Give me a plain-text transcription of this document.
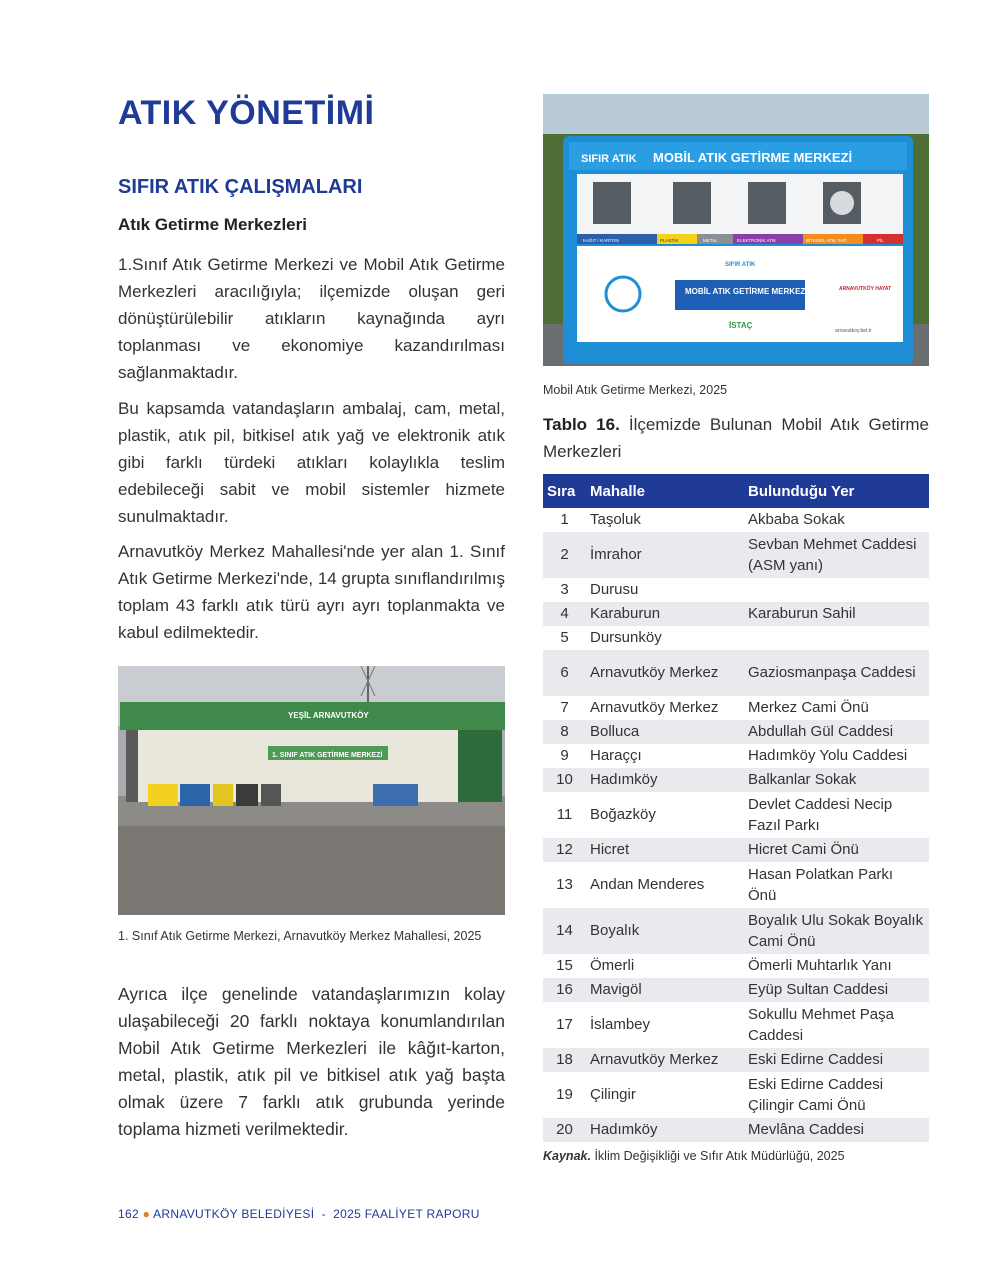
ATIK YÖNETİMİ
SIFIR ATIK ÇALIŞMALARI
Atık Getirme Merkezleri

1.Sınıf Atık Getirme Merkezi ve Mobil Atık Getirme Merkezleri aracılığıyla; ilçemizde oluşan geri dönüştürülebilir atıkların kaynağında ayrı toplanması ve ekonomiye kazandırılması sağlanmaktadır.

Bu kapsamda vatandaşların ambalaj, cam, metal, plastik, atık pil, bitkisel atık yağ ve elektronik atık gibi farklı türdeki atıkları kolaylıkla teslim edebileceği sabit ve mobil sistemler hizmete sunulmaktadır.

Arnavutköy Merkez Mahallesi'nde yer alan 1. Sınıf Atık Getirme Merkezi'nde, 14 grupta sınıflandırılmış toplam 43 farklı atık türü ayrı ayrı toplanmakta ve kabul edilmektedir.

YEŞİL ARNAVUTKÖY
1. SINIF ATIK GETİRME MERKEZİ

1. Sınıf Atık Getirme Merkezi, Arnavutköy Merkez Mahallesi, 2025

Ayrıca ilçe genelinde vatandaşlarımızın kolay ulaşabileceği 20 farklı noktaya konumlandırılan Mobil Atık Getirme Merkezleri ile kâğıt-karton, metal, plastik, atık pil ve bitkisel atık yağ başta olmak üzere 7 farklı atık grubunda yerinde toplama hizmeti verilmektedir.

SIFIR ATIK MOBİL ATIK GETİRME MERKEZİ
KAĞIT / KARTON	PLASTİK	METAL	ELEKTRONİK ATIK	BİTKİSEL ATIK YAĞ	PİL
MOBİL ATIK GETİRME MERKEZİ
SIFIR ATIK
İSTAÇ
ARNAVUTKÖY HAYAT
arnavutkoy.bel.tr

Mobil Atık Getirme Merkezi, 2025

Tablo 16. İlçemizde Bulunan Mobil Atık Getirme Merkezleri

Sıra	Mahalle	Bulunduğu Yer
1	Taşoluk	Akbaba Sokak
2	İmrahor	Sevban Mehmet Caddesi (ASM yanı)
3	Durusu	
4	Karaburun	Karaburun Sahil
5	Dursunköy	
6	Arnavutköy Merkez	Gaziosmanpaşa Caddesi
7	Arnavutköy Merkez	Merkez Cami Önü
8	Bolluca	Abdullah Gül Caddesi
9	Haraççı	Hadımköy Yolu Caddesi
10	Hadımköy	Balkanlar Sokak
11	Boğazköy	Devlet Caddesi Necip Fazıl Parkı
12	Hicret	Hicret Cami Önü
13	Andan Menderes	Hasan Polatkan Parkı Önü
14	Boyalık	Boyalık Ulu Sokak Boyalık Cami Önü
15	Ömerli	Ömerli Muhtarlık Yanı
16	Mavigöl	Eyüp Sultan Caddesi
17	İslambey	Sokullu Mehmet Paşa Caddesi
18	Arnavutköy Merkez	Eski Edirne Caddesi
19	Çilingir	Eski Edirne Caddesi Çilingir Cami Önü
20	Hadımköy	Mevlâna Caddesi

Kaynak. İklim Değişikliği ve Sıfır Atık Müdürlüğü, 2025

162 ● ARNAVUTKÖY BELEDİYESİ  -  2025 FAALİYET RAPORU
